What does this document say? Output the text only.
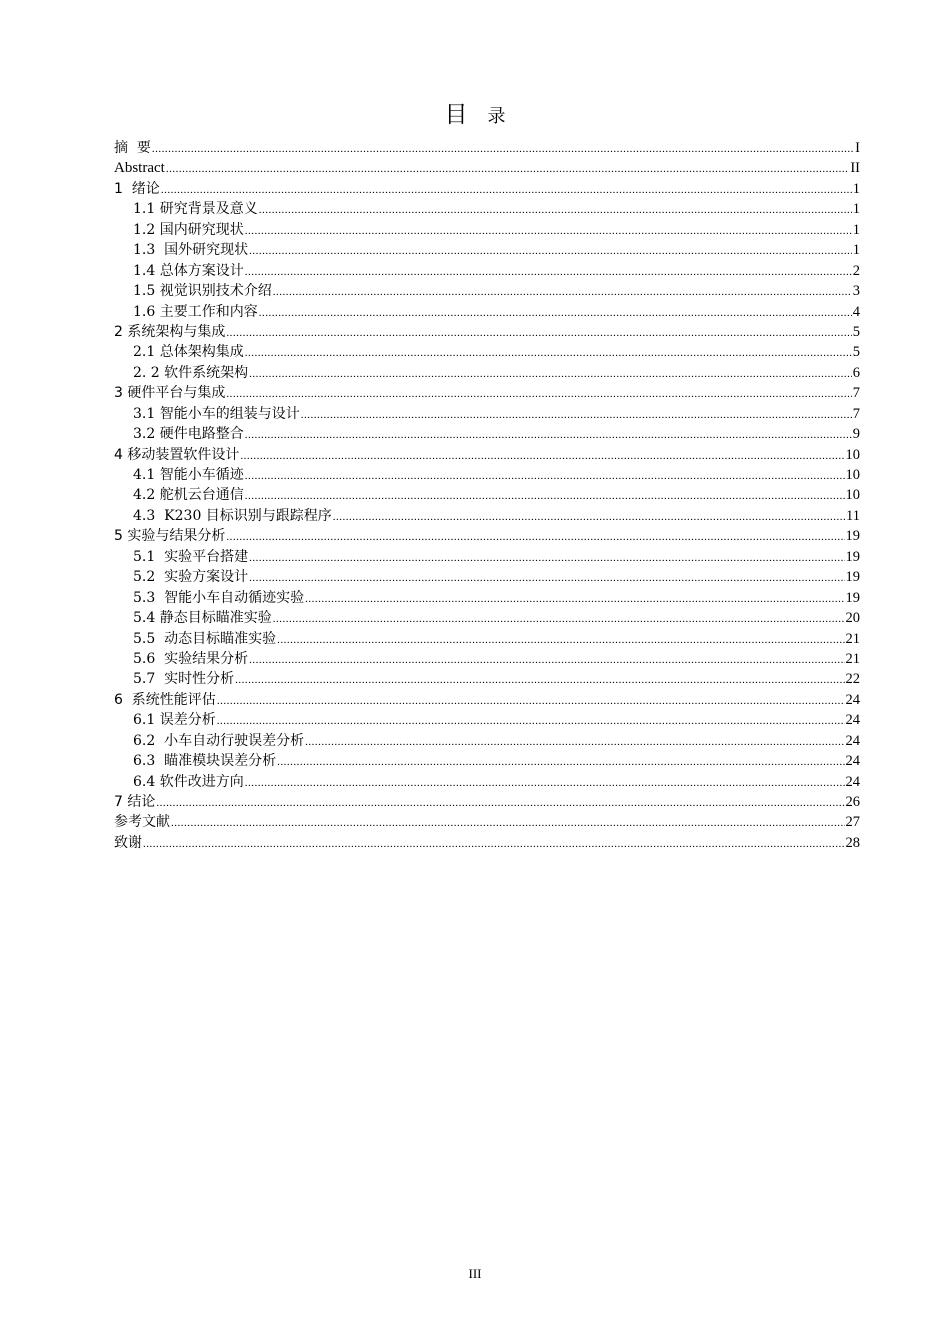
目 录
摘  要 .....	I
Abstract .....	II
1  绪论 .....	1
1.1 研究背景及意义 .....	1
1.2 国内研究现状 .....	1
1.3  国外研究现状 .....	1
1.4 总体方案设计 .....	2
1.5 视觉识别技术介绍 .....	3
1.6 主要工作和内容 .....	4
2 系统架构与集成 .....	5
2.1 总体架构集成 .....	5
2. 2 软件系统架构 .....	6
3 硬件平台与集成 .....	7
3.1 智能小车的组装与设计 .....	7
3.2 硬件电路整合 .....	9
4 移动装置软件设计 .....	10
4.1 智能小车循迹 .....	10
4.2 舵机云台通信 .....	10
4.3  K230 目标识别与跟踪程序 .....	11
5 实验与结果分析 .....	19
5.1  实验平台搭建 .....	19
5.2  实验方案设计 .....	19
5.3  智能小车自动循迹实验 .....	19
5.4 静态目标瞄准实验 .....	20
5.5  动态目标瞄准实验 .....	21
5.6  实验结果分析 .....	21
5.7  实时性分析 .....	22
6  系统性能评估 .....	24
6.1 误差分析 .....	24
6.2  小车自动行驶误差分析 .....	24
6.3  瞄准模块误差分析 .....	24
6.4 软件改进方向 .....	24
7 结论 .....	26
参考文献 .....	27
致谢 .....	28
III
